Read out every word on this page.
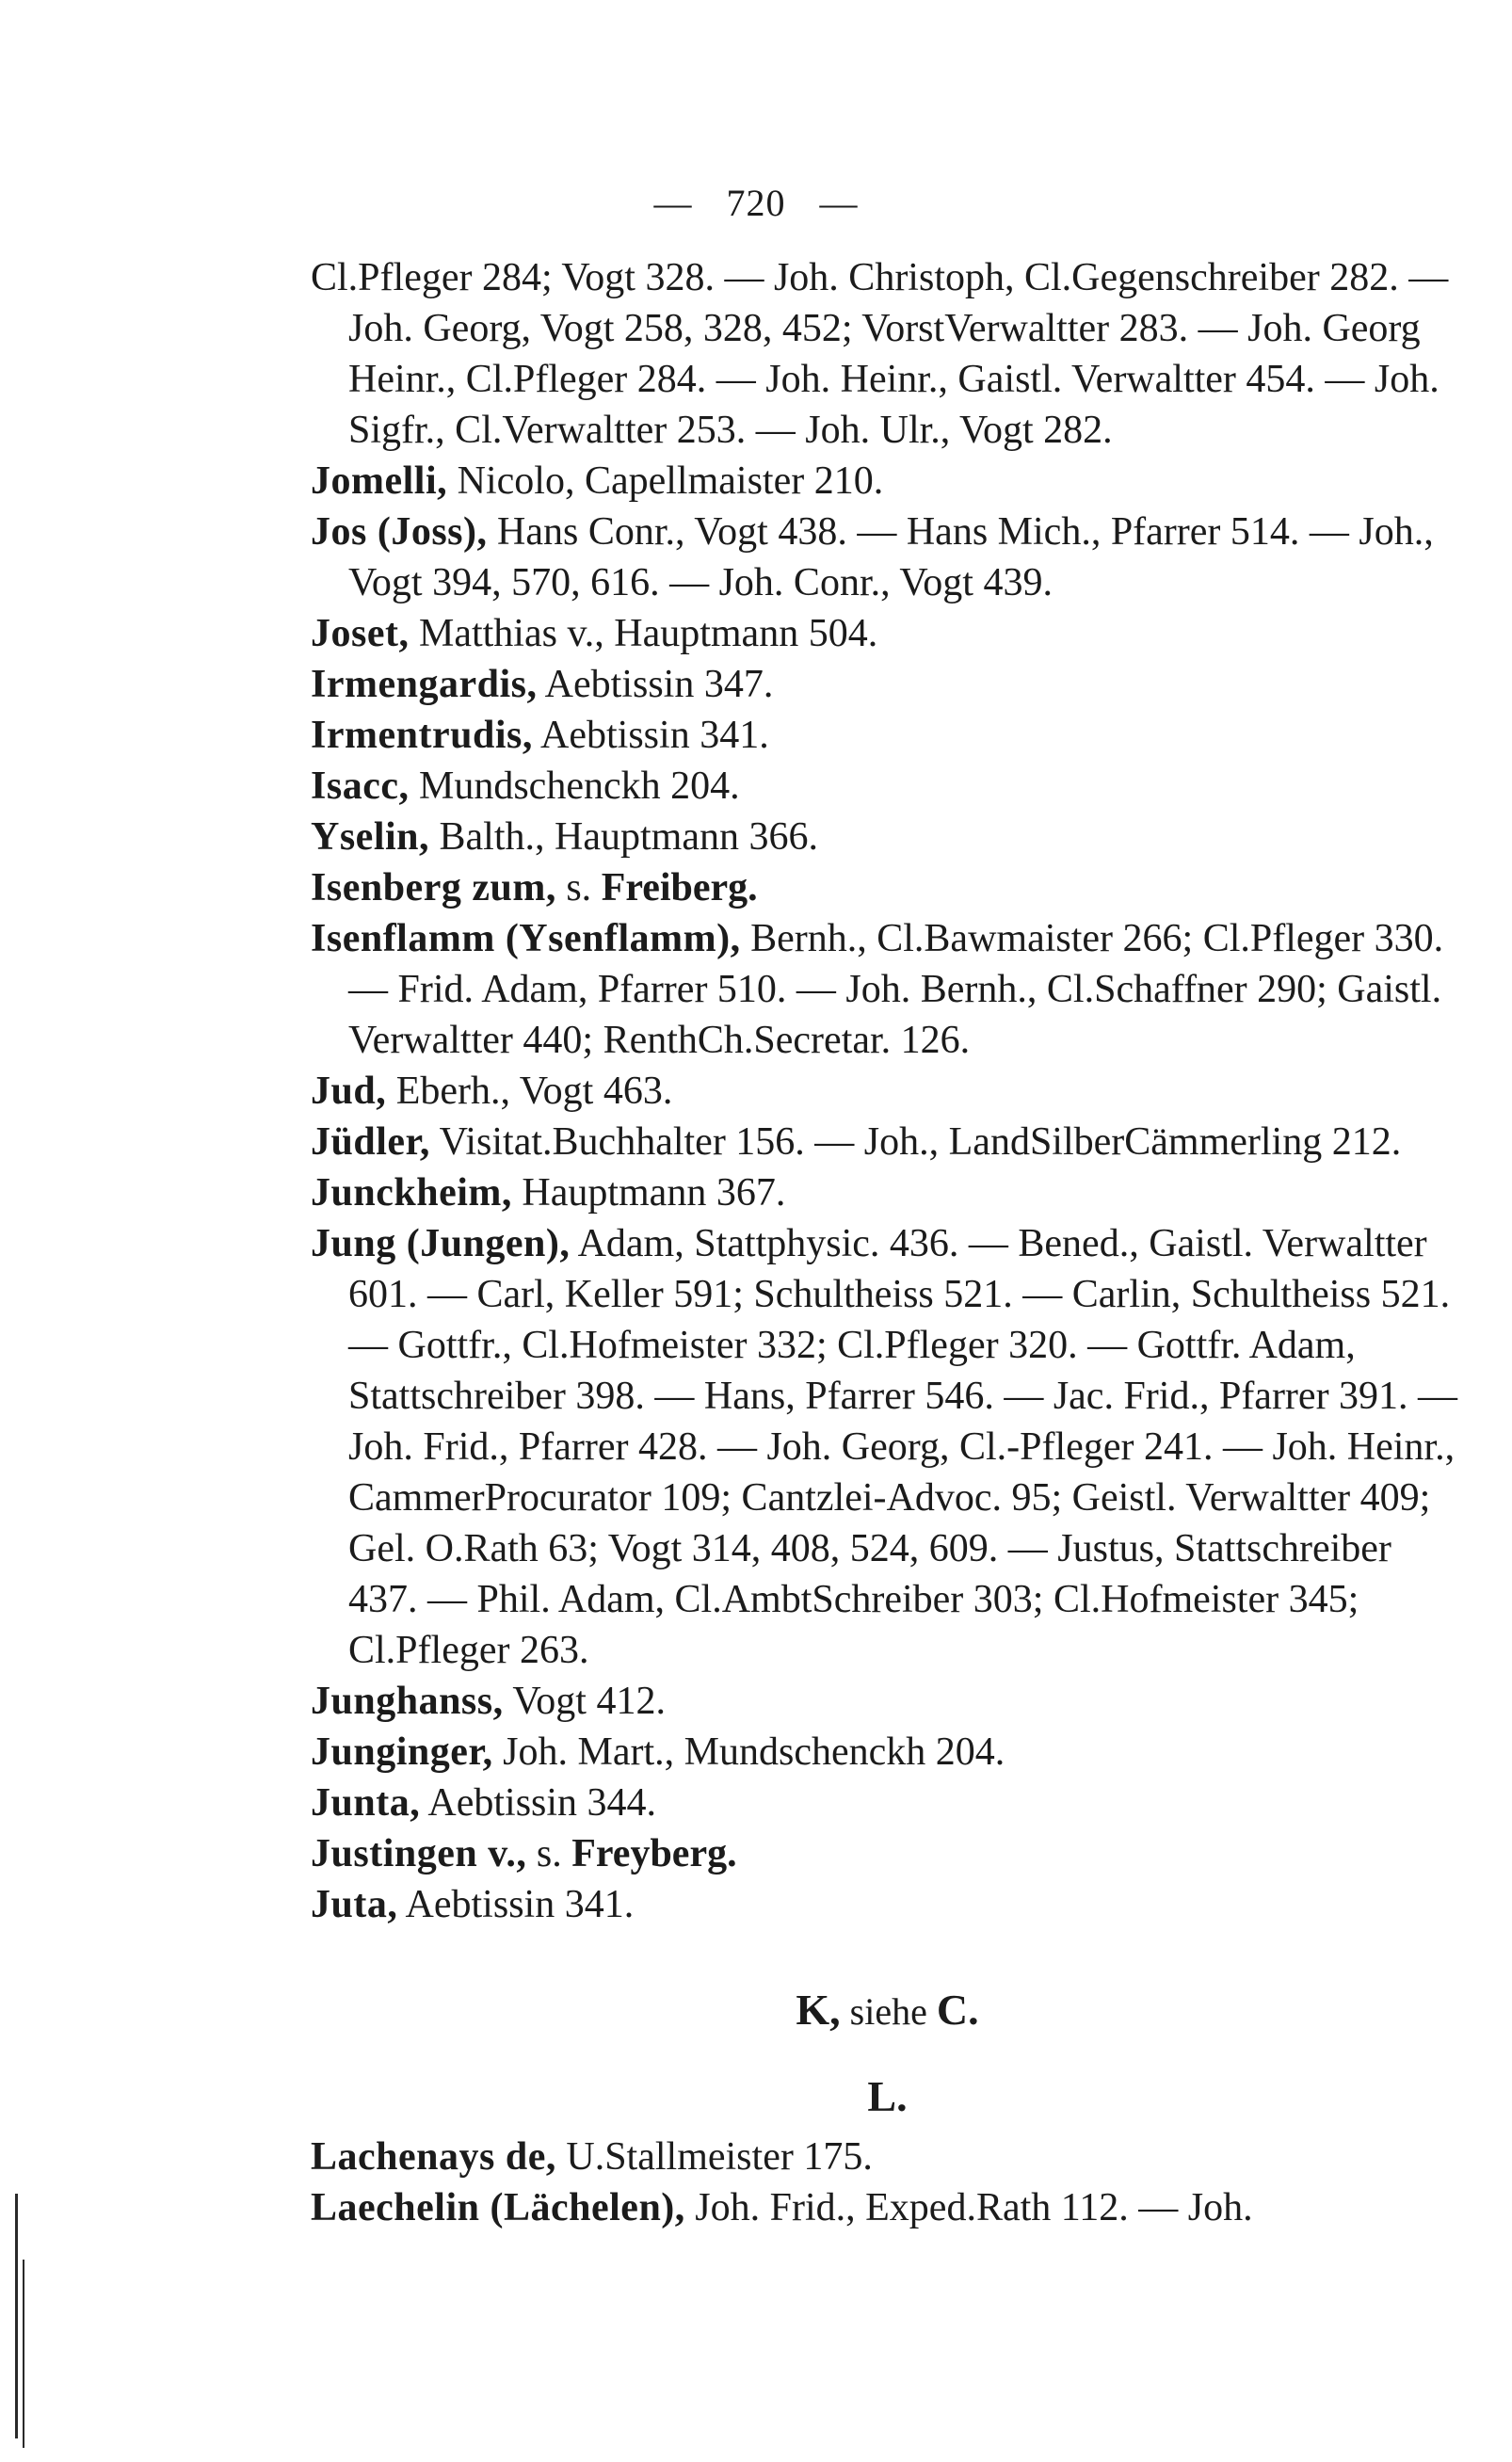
— 720 —

Cl.Pfleger 284; Vogt 328. — Joh. Christoph, Cl.Gegenschreiber 282. — Joh. Georg, Vogt 258, 328, 452; VorstVerwaltter 283. — Joh. Georg Heinr., Cl.Pfleger 284. — Joh. Heinr., Gaistl. Verwaltter 454. — Joh. Sigfr., Cl.Verwaltter 253. — Joh. Ulr., Vogt 282.

Jomelli, Nicolo, Capellmaister 210.

Jos (Joss), Hans Conr., Vogt 438. — Hans Mich., Pfarrer 514. — Joh., Vogt 394, 570, 616. — Joh. Conr., Vogt 439.

Joset, Matthias v., Hauptmann 504.

Irmengardis, Aebtissin 347.

Irmentrudis, Aebtissin 341.

Isacc, Mundschenckh 204.

Yselin, Balth., Hauptmann 366.

Isenberg zum, s. Freiberg.

Isenflamm (Ysenflamm), Bernh., Cl.Bawmaister 266; Cl.Pfleger 330. — Frid. Adam, Pfarrer 510. — Joh. Bernh., Cl.Schaffner 290; Gaistl. Verwaltter 440; RenthCh.Secretar. 126.

Jud, Eberh., Vogt 463.

Jüdler, Visitat.Buchhalter 156. — Joh., LandSilberCämmerling 212.

Junckheim, Hauptmann 367.

Jung (Jungen), Adam, Stattphysic. 436. — Bened., Gaistl. Verwaltter 601. — Carl, Keller 591; Schultheiss 521. — Carlin, Schultheiss 521. — Gottfr., Cl.Hofmeister 332; Cl.Pfleger 320. — Gottfr. Adam, Stattschreiber 398. — Hans, Pfarrer 546. — Jac. Frid., Pfarrer 391. — Joh. Frid., Pfarrer 428. — Joh. Georg, Cl.-Pfleger 241. — Joh. Heinr., CammerProcurator 109; Cantzlei-Advoc. 95; Geistl. Verwaltter 409; Gel. O.Rath 63; Vogt 314, 408, 524, 609. — Justus, Stattschreiber 437. — Phil. Adam, Cl.AmbtSchreiber 303; Cl.Hofmeister 345; Cl.Pfleger 263.

Junghanss, Vogt 412.

Junginger, Joh. Mart., Mundschenckh 204.

Junta, Aebtissin 344.

Justingen v., s. Freyberg.

Juta, Aebtissin 341.

K, siehe C.
L.

Lachenays de, U.Stallmeister 175.

Laechelin (Lächelen), Joh. Frid., Exped.Rath 112. — Joh.
